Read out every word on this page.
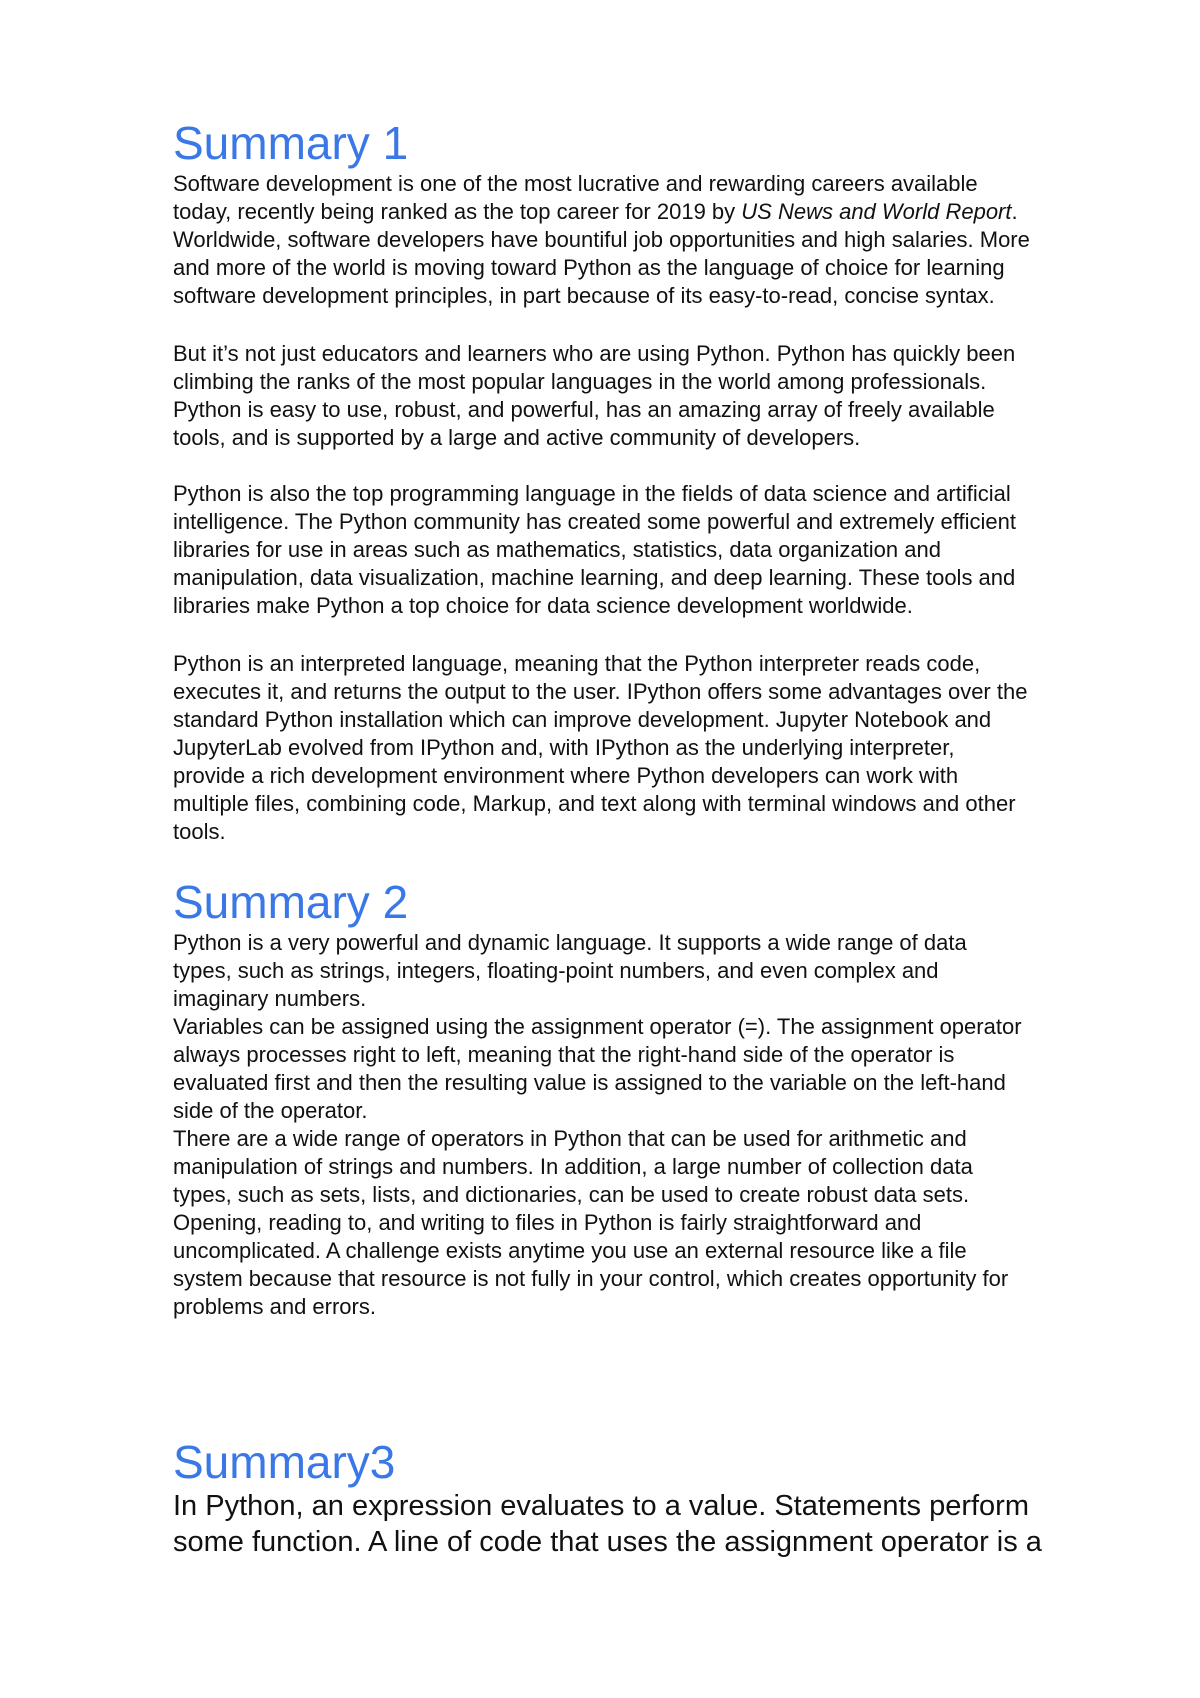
Summary 1
Software development is one of the most lucrative and rewarding careers available
today, recently being ranked as the top career for 2019 by US News and World Report.
Worldwide, software developers have bountiful job opportunities and high salaries. More
and more of the world is moving toward Python as the language of choice for learning
software development principles, in part because of its easy-to-read, concise syntax.
But it’s not just educators and learners who are using Python. Python has quickly been
climbing the ranks of the most popular languages in the world among professionals.
Python is easy to use, robust, and powerful, has an amazing array of freely available
tools, and is supported by a large and active community of developers.
Python is also the top programming language in the fields of data science and artificial
intelligence. The Python community has created some powerful and extremely efficient
libraries for use in areas such as mathematics, statistics, data organization and
manipulation, data visualization, machine learning, and deep learning. These tools and
libraries make Python a top choice for data science development worldwide.
Python is an interpreted language, meaning that the Python interpreter reads code,
executes it, and returns the output to the user. IPython offers some advantages over the
standard Python installation which can improve development. Jupyter Notebook and
JupyterLab evolved from IPython and, with IPython as the underlying interpreter,
provide a rich development environment where Python developers can work with
multiple files, combining code, Markup, and text along with terminal windows and other
tools.
Summary 2
Python is a very powerful and dynamic language. It supports a wide range of data
types, such as strings, integers, floating-point numbers, and even complex and
imaginary numbers.
Variables can be assigned using the assignment operator (=). The assignment operator
always processes right to left, meaning that the right-hand side of the operator is
evaluated first and then the resulting value is assigned to the variable on the left-hand
side of the operator.
There are a wide range of operators in Python that can be used for arithmetic and
manipulation of strings and numbers. In addition, a large number of collection data
types, such as sets, lists, and dictionaries, can be used to create robust data sets.
Opening, reading to, and writing to files in Python is fairly straightforward and
uncomplicated. A challenge exists anytime you use an external resource like a file
system because that resource is not fully in your control, which creates opportunity for
problems and errors.
Summary3
In Python, an expression evaluates to a value. Statements perform
some function. A line of code that uses the assignment operator is a
